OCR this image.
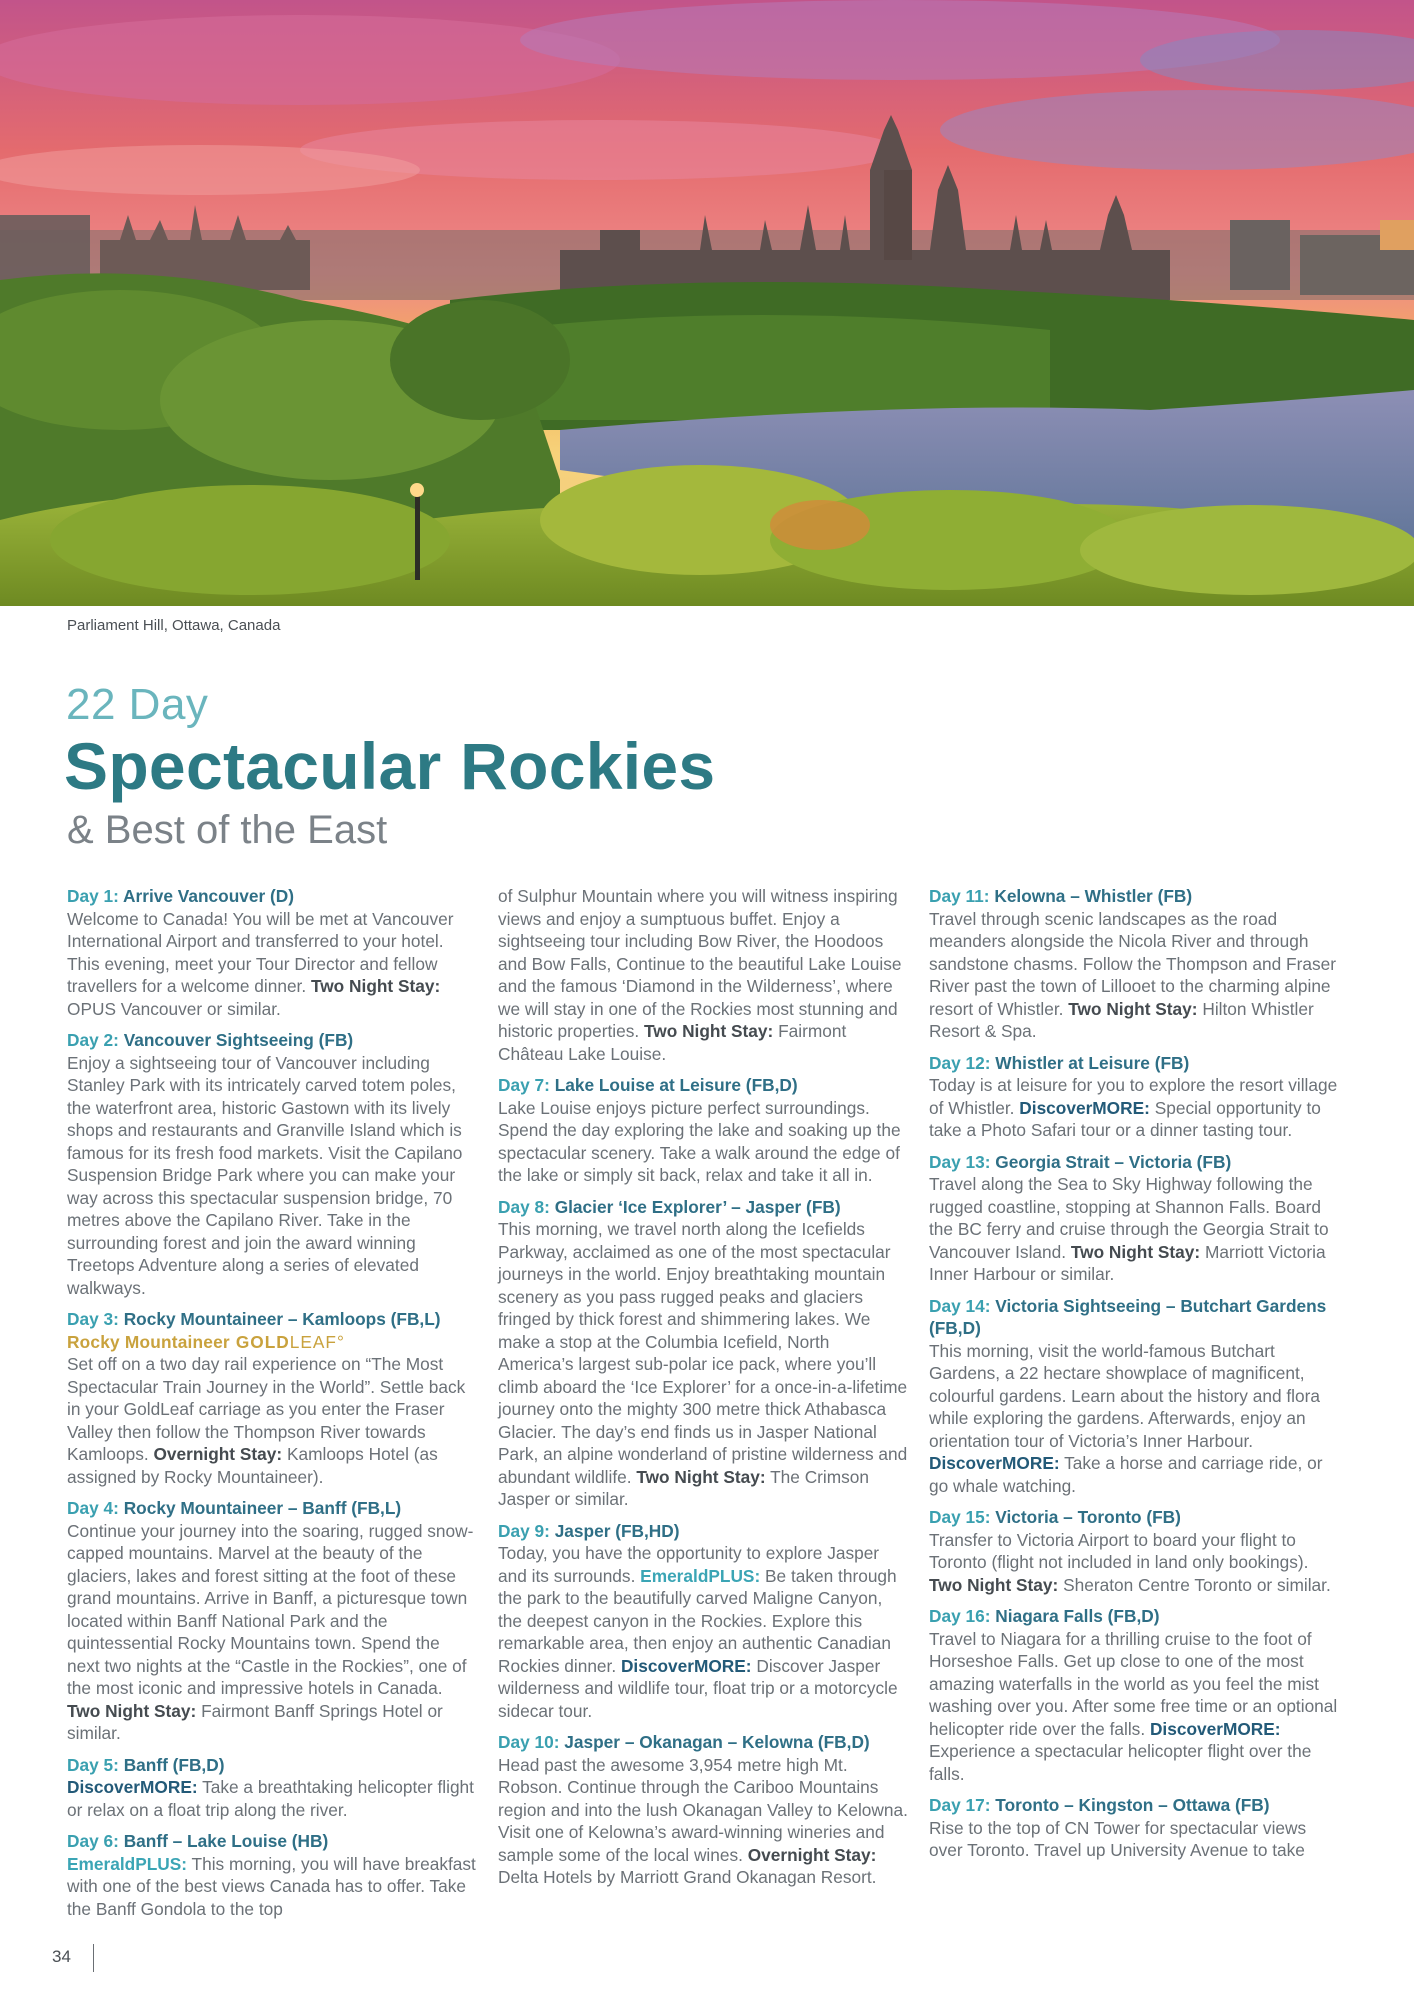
Parliament Hill, Ottawa, Canada
22 Day
Spectacular Rockies
& Best of the East
Day 1: Arrive Vancouver (D)
Welcome to Canada! You will be met at Vancouver International Airport and transferred to your hotel. This evening, meet your Tour Director and fellow travellers for a welcome dinner. Two Night Stay: OPUS Vancouver or similar.
Day 2: Vancouver Sightseeing (FB)
Enjoy a sightseeing tour of Vancouver including Stanley Park with its intricately carved totem poles, the waterfront area, historic Gastown with its lively shops and restaurants and Granville Island which is famous for its fresh food markets. Visit the Capilano Suspension Bridge Park where you can make your way across this spectacular suspension bridge, 70 metres above the Capilano River. Take in the surrounding forest and join the award winning Treetops Adventure along a series of elevated walkways.
Day 3: Rocky Mountaineer – Kamloops (FB,L)
Rocky Mountaineer GOLDLEAF°
Set off on a two day rail experience on “The Most Spectacular Train Journey in the World”. Settle back in your GoldLeaf carriage as you enter the Fraser Valley then follow the Thompson River towards Kamloops. Overnight Stay: Kamloops Hotel (as assigned by Rocky Mountaineer).
Day 4: Rocky Mountaineer – Banff (FB,L)
Continue your journey into the soaring, rugged snow-capped mountains. Marvel at the beauty of the glaciers, lakes and forest sitting at the foot of these grand mountains. Arrive in Banff, a picturesque town located within Banff National Park and the quintessential Rocky Mountains town. Spend the next two nights at the “Castle in the Rockies”, one of the most iconic and impressive hotels in Canada. Two Night Stay: Fairmont Banff Springs Hotel or similar.
Day 5: Banff (FB,D)
DiscoverMORE: Take a breathtaking helicopter flight or relax on a float trip along the river.
Day 6: Banff – Lake Louise (HB)
EmeraldPLUS: This morning, you will have breakfast with one of the best views Canada has to offer. Take the Banff Gondola to the top
of Sulphur Mountain where you will witness inspiring views and enjoy a sumptuous buffet. Enjoy a sightseeing tour including Bow River, the Hoodoos and Bow Falls, Continue to the beautiful Lake Louise and the famous ‘Diamond in the Wilderness’, where we will stay in one of the Rockies most stunning and historic properties. Two Night Stay: Fairmont Château Lake Louise.
Day 7: Lake Louise at Leisure (FB,D)
Lake Louise enjoys picture perfect surroundings. Spend the day exploring the lake and soaking up the spectacular scenery. Take a walk around the edge of the lake or simply sit back, relax and take it all in.
Day 8: Glacier ‘Ice Explorer’ – Jasper (FB)
This morning, we travel north along the Icefields Parkway, acclaimed as one of the most spectacular journeys in the world. Enjoy breathtaking mountain scenery as you pass rugged peaks and glaciers fringed by thick forest and shimmering lakes. We make a stop at the Columbia Icefield, North America’s largest sub-polar ice pack, where you’ll climb aboard the ‘Ice Explorer’ for a once-in-a-lifetime journey onto the mighty 300 metre thick Athabasca Glacier. The day’s end finds us in Jasper National Park, an alpine wonderland of pristine wilderness and abundant wildlife. Two Night Stay: The Crimson Jasper or similar.
Day 9: Jasper (FB,HD)
Today, you have the opportunity to explore Jasper and its surrounds. EmeraldPLUS: Be taken through the park to the beautifully carved Maligne Canyon, the deepest canyon in the Rockies. Explore this remarkable area, then enjoy an authentic Canadian Rockies dinner. DiscoverMORE: Discover Jasper wilderness and wildlife tour, float trip or a motorcycle sidecar tour.
Day 10: Jasper – Okanagan – Kelowna (FB,D)
Head past the awesome 3,954 metre high Mt. Robson. Continue through the Cariboo Mountains region and into the lush Okanagan Valley to Kelowna. Visit one of Kelowna’s award-winning wineries and sample some of the local wines. Overnight Stay: Delta Hotels by Marriott Grand Okanagan Resort.
Day 11: Kelowna – Whistler (FB)
Travel through scenic landscapes as the road meanders alongside the Nicola River and through sandstone chasms. Follow the Thompson and Fraser River past the town of Lillooet to the charming alpine resort of Whistler. Two Night Stay: Hilton Whistler Resort & Spa.
Day 12: Whistler at Leisure (FB)
Today is at leisure for you to explore the resort village of Whistler. DiscoverMORE: Special opportunity to take a Photo Safari tour or a dinner tasting tour.
Day 13: Georgia Strait – Victoria (FB)
Travel along the Sea to Sky Highway following the rugged coastline, stopping at Shannon Falls. Board the BC ferry and cruise through the Georgia Strait to Vancouver Island. Two Night Stay: Marriott Victoria Inner Harbour or similar.
Day 14: Victoria Sightseeing – Butchart Gardens (FB,D)
This morning, visit the world-famous Butchart Gardens, a 22 hectare showplace of magnificent, colourful gardens. Learn about the history and flora while exploring the gardens. Afterwards, enjoy an orientation tour of Victoria’s Inner Harbour. DiscoverMORE: Take a horse and carriage ride, or go whale watching.
Day 15: Victoria – Toronto (FB)
Transfer to Victoria Airport to board your flight to Toronto (flight not included in land only bookings). Two Night Stay: Sheraton Centre Toronto or similar.
Day 16: Niagara Falls (FB,D)
Travel to Niagara for a thrilling cruise to the foot of Horseshoe Falls. Get up close to one of the most amazing waterfalls in the world as you feel the mist washing over you. After some free time or an optional helicopter ride over the falls. DiscoverMORE: Experience a spectacular helicopter flight over the falls.
Day 17: Toronto – Kingston – Ottawa (FB)
Rise to the top of CN Tower for spectacular views over Toronto. Travel up University Avenue to take
34
